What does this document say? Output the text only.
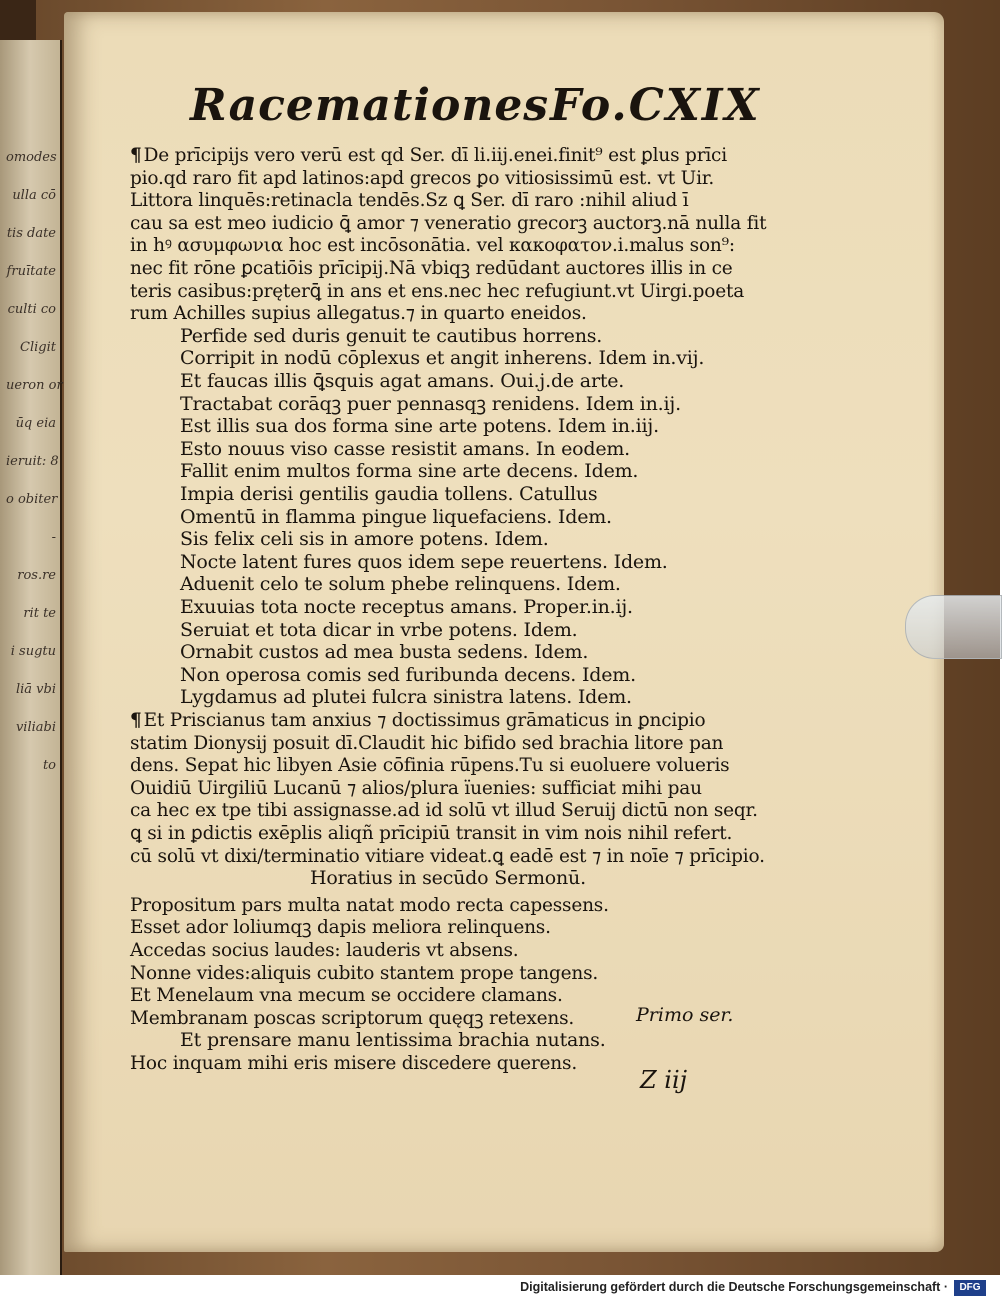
omodes
ulla cō
tis date
fruītate
culti co
Cligit
ueron or
ūq eia
ieruit: 8
o obiter
-
ros.re
rit te
i sugtu
liā vbi
viliabi
to
Racemationes Fo.CXIX
¶ De prīcipijs vero verū est qd Ser. dī li.iij.enei.finit⁹ est ꝑlus prīci
pio.qd raro fit apd latinos:apd grecos ꝑo vitiosissimū est. vt Uir.
Littora linquēs:retinacla tendēs.Sz ꝗ Ser. dī raro :nihil aliud ī
cau sa est meo iudicio ꝗ̄ amor ⁊ veneratio grecorꝫ auctorꝫ.nā nulla fit
in hꝰ ασυμφωνια hoc est incōsonātia. vel κακοφατον.i.malus son⁹:
nec fit rōne ꝑcatiōis prīcipij.Nā vbiqꝫ redūdant auctores illis in ce
teris casibus:pręterꝗ̄ in ans et ens.nec hec refugiunt.vt Uirgi.poeta
rum Achilles supius allegatus.⁊ in quarto eneidos.
Perfide sed duris genuit te cautibus horrens.
Corripit in nodū cōplexus et angit inherens. Idem in.vij.
Et faucas illis ꝗ̄squis agat amans. Oui.j.de arte.
Tractabat corāqꝫ puer pennasqꝫ renidens. Idem in.ij.
Est illis sua dos forma sine arte potens. Idem in.iij.
Esto nouus viso casse resistit amans. In eodem.
Fallit enim multos forma sine arte decens. Idem.
Impia derisi gentilis gaudia tollens. Catullus
Omentū in flamma pingue liquefaciens. Idem.
Sis felix celi sis in amore potens. Idem.
Nocte latent fures quos idem sepe reuertens. Idem.
Aduenit celo te solum phebe relinquens. Idem.
Exuuias tota nocte receptus amans. Proper.in.ij.
Seruiat et tota dicar in vrbe potens. Idem.
Ornabit custos ad mea busta sedens. Idem.
Non operosa comis sed furibunda decens. Idem.
Lygdamus ad plutei fulcra sinistra latens. Idem.
¶ Et Priscianus tam anxius ⁊ doctissimus grāmaticus in ꝑncipio
statim Dionysij posuit dī.Claudit hic bifido sed brachia litore pan
dens. Sepat hic libyen Asie cōfinia rūpens.Tu si euoluere volueris
Ouidiū Uirgiliū Lucanū ⁊ alios/plura ïuenies: sufficiat mihi pau
ca hec ex tpe tibi assignasse.ad id solū vt illud Seruij dictū non seqr.
ꝗ si in ꝑdictis exēplis aliqñ prīcipiū transit in vim nois nihil refert.
cū solū vt dixi/terminatio vitiare videat.ꝗ eadē est ⁊ in noīe ⁊ prīcipio.
Horatius in secūdo Sermonū.
Propositum pars multa natat modo recta capessens.
Esset ador loliumqꝫ dapis meliora relinquens.
Accedas socius laudes: lauderis vt absens.
Nonne vides:aliquis cubito stantem prope tangens.
Et Menelaum vna mecum se occidere clamans.
Membranam poscas scriptorum quęqꝫ retexens.
Et prensare manu lentissima brachia nutans.
Hoc inquam mihi eris misere discedere querens.
Primo ser.
Z iij
Digitalisierung gefördert durch die Deutsche Forschungsgemeinschaft ·	DFG
